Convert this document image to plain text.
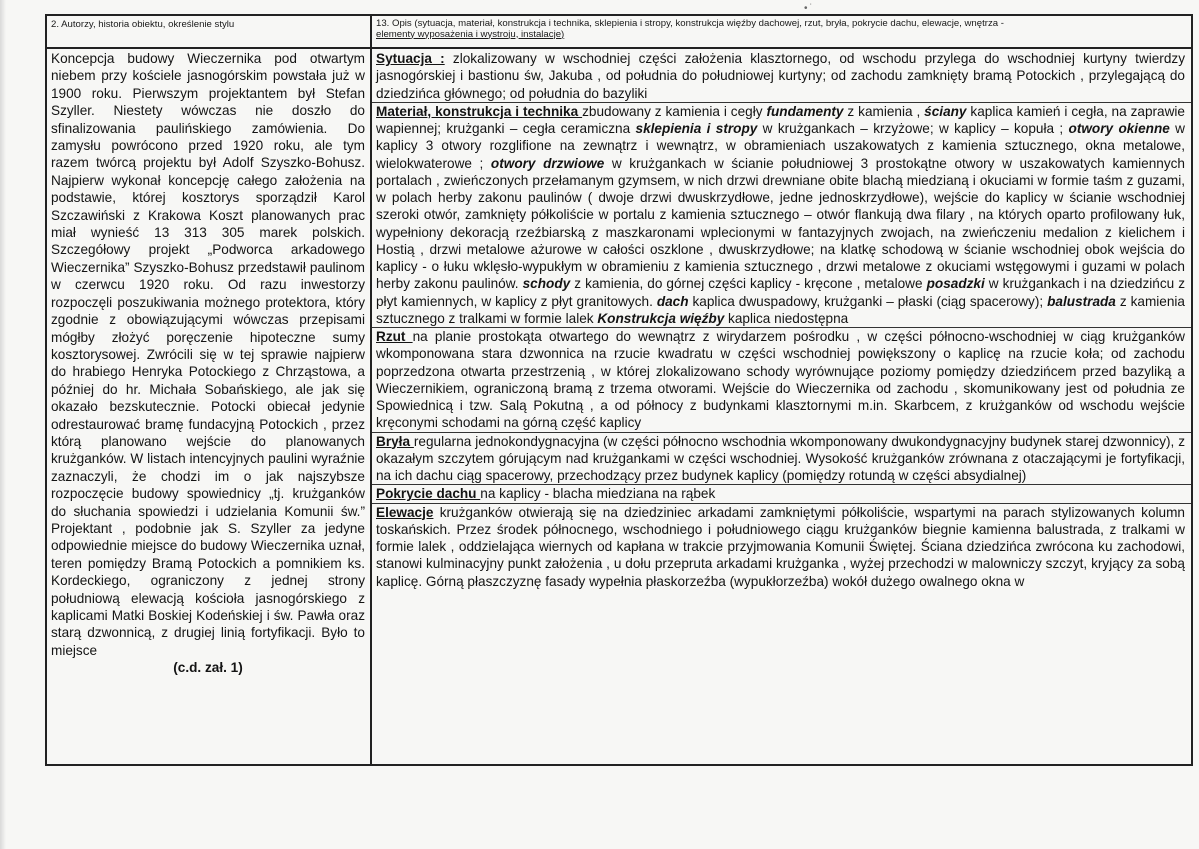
•˙
2. Autorzy, historia obiektu, określenie stylu
Koncepcja budowy Wieczernika pod otwartym niebem przy kościele jasnogórskim powstała już w 1900 roku. Pierwszym projektantem był Stefan Szyller. Niestety wówczas nie doszło do sfinalizowania paulińskiego zamówienia. Do zamysłu powrócono przed 1920 roku, ale tym razem twórcą projektu był Adolf Szyszko-Bohusz. Najpierw wykonał koncepcję całego założenia na podstawie, której kosztorys sporządził Karol Szczawiński z Krakowa Koszt planowanych prac miał wynieść 13 313 305 marek polskich. Szczegółowy projekt „Podworca arkadowego Wieczernika” Szyszko-Bohusz przedstawił paulinom w czerwcu 1920 roku. Od razu inwestorzy rozpoczęli poszukiwania możnego protektora, który zgodnie z obowiązującymi wówczas przepisami mógłby złożyć poręczenie hipoteczne sumy kosztorysowej. Zwrócili się w tej sprawie najpierw do hrabiego Henryka Potockiego z Chrząstowa, a później do hr. Michała Sobańskiego, ale jak się okazało bezskutecznie. Potocki obiecał jedynie odrestaurować bramę fundacyjną Potockich , przez którą planowano wejście do planowanych krużganków. W listach intencyjnych paulini wyraźnie zaznaczyli, że chodzi im o jak najszybsze rozpoczęcie budowy spowiednicy „tj. krużganków do słuchania spowiedzi i udzielania Komunii św.” Projektant , podobnie jak S. Szyller za jedyne odpowiednie miejsce do budowy Wieczernika uznał, teren pomiędzy Bramą Potockich a pomnikiem ks. Kordeckiego, ograniczony z jednej strony południową elewacją kościoła jasnogórskiego z kaplicami Matki Boskiej Kodeńskiej i św. Pawła oraz starą dzwonnicą, z drugiej linią fortyfikacji. Było to miejsce
(c.d. zał. 1)
13. Opis (sytuacja, materiał, konstrukcja i technika, sklepienia i stropy, konstrukcja więźby dachowej, rzut, bryła, pokrycie dachu, elewacje, wnętrza -
elementy wyposażenia i wystroju, instalacje)
Sytuacja : zlokalizowany w wschodniej części założenia klasztornego, od wschodu przylega do wschodniej kurtyny twierdzy jasnogórskiej i bastionu św, Jakuba , od południa do południowej kurtyny; od zachodu zamknięty bramą Potockich , przylegającą do dziedzińca głównego; od południa do bazyliki
Materiał, konstrukcja i technika zbudowany z kamienia i cegły fundamenty z kamienia , ściany kaplica kamień i cegła, na zaprawie wapiennej; krużganki – cegła ceramiczna sklepienia i stropy w krużgankach – krzyżowe; w kaplicy – kopuła ; otwory okienne w kaplicy 3 otwory rozglifione na zewnątrz i wewnątrz, w obramieniach uszakowatych z kamienia sztucznego, okna metalowe, wielokwaterowe ; otwory drzwiowe w krużgankach w ścianie południowej 3 prostokątne otwory w uszakowatych kamiennych portalach , zwieńczonych przełamanym gzymsem, w nich drzwi drewniane obite blachą miedzianą i okuciami w formie taśm z guzami, w polach herby zakonu paulinów ( dwoje drzwi dwuskrzydłowe, jedne jednoskrzydłowe), wejście do kaplicy w ścianie wschodniej szeroki otwór, zamknięty półkoliście w portalu z kamienia sztucznego – otwór flankują dwa filary , na których oparto profilowany łuk, wypełniony dekoracją rzeźbiarską z maszkaronami wplecionymi w fantazyjnych zwojach, na zwieńczeniu medalion z kielichem i Hostią , drzwi metalowe ażurowe w całości oszklone , dwuskrzydłowe; na klatkę schodową w ścianie wschodniej obok wejścia do kaplicy - o łuku wklęsło-wypukłym w obramieniu z kamienia sztucznego , drzwi metalowe z okuciami wstęgowymi i guzami w polach herby zakonu paulinów. schody z kamienia, do górnej części kaplicy - kręcone , metalowe posadzki w krużgankach i na dziedzińcu z płyt kamiennych, w kaplicy z płyt granitowych. dach kaplica dwuspadowy, krużganki – płaski (ciąg spacerowy); balustrada z kamienia sztucznego z tralkami w formie lalek Konstrukcja więźby kaplica niedostępna
Rzut na planie prostokąta otwartego do wewnątrz z wirydarzem pośrodku , w części północno-wschodniej w ciąg krużganków wkomponowana stara dzwonnica na rzucie kwadratu w części wschodniej powiększony o kaplicę na rzucie koła; od zachodu poprzedzona otwarta przestrzenią , w której zlokalizowano schody wyrównujące poziomy pomiędzy dziedzińcem przed bazyliką a Wieczernikiem, ograniczoną bramą z trzema otworami. Wejście do Wieczernika od zachodu , skomunikowany jest od południa ze Spowiednicą i tzw. Salą Pokutną , a od północy z budynkami klasztornymi m.in. Skarbcem, z krużganków od wschodu wejście kręconymi schodami na górną część kaplicy
Bryła regularna jednokondygnacyjna (w części północno wschodnia wkomponowany dwukondygnacyjny budynek starej dzwonnicy), z okazałym szczytem górującym nad krużgankami w części wschodniej. Wysokość krużganków zrównana z otaczającymi je fortyfikacji, na ich dachu ciąg spacerowy, przechodzący przez budynek kaplicy (pomiędzy rotundą w części absydialnej)
Pokrycie dachu na kaplicy - blacha miedziana na rąbek
Elewacje krużganków otwierają się na dziedziniec arkadami zamkniętymi półkoliście, wspartymi na parach stylizowanych kolumn toskańskich. Przez środek północnego, wschodniego i południowego ciągu krużganków biegnie kamienna balustrada, z tralkami w formie lalek , oddzielająca wiernych od kapłana w trakcie przyjmowania Komunii Świętej. Ściana dziedzińca zwrócona ku zachodowi, stanowi kulminacyjny punkt założenia , u dołu przepruta arkadami krużganka , wyżej przechodzi w malowniczy szczyt, kryjący za sobą kaplicę. Górną płaszczyznę fasady wypełnia płaskorzeźba (wypukłorzeźba) wokół dużego owalnego okna w
